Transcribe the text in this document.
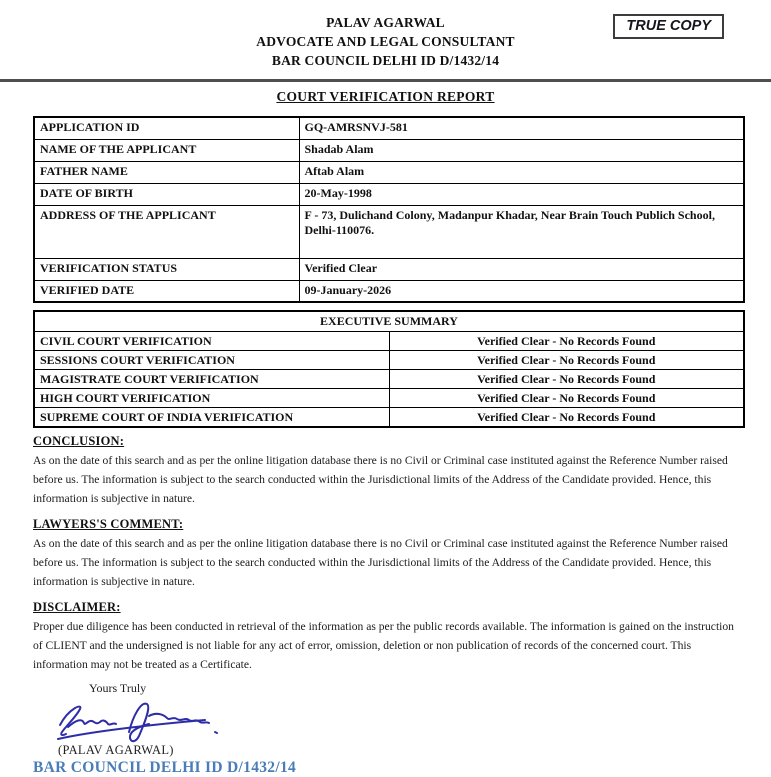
TRUE COPY
PALAV AGARWAL
ADVOCATE AND LEGAL CONSULTANT
BAR COUNCIL DELHI ID D/1432/14
COURT VERIFICATION REPORT
APPLICATION ID	GQ-AMRSNVJ-581
NAME OF THE APPLICANT	Shadab Alam
FATHER NAME	Aftab Alam
DATE OF BIRTH	20-May-1998
ADDRESS OF THE APPLICANT	F - 73, Dulichand Colony, Madanpur Khadar, Near Brain Touch Publich School, Delhi-110076.
VERIFICATION STATUS	Verified Clear
VERIFIED DATE	09-January-2026
EXECUTIVE SUMMARY	
CIVIL COURT VERIFICATION	Verified Clear - No Records Found
SESSIONS COURT VERIFICATION	Verified Clear - No Records Found
MAGISTRATE COURT VERIFICATION	Verified Clear - No Records Found
HIGH COURT VERIFICATION	Verified Clear - No Records Found
SUPREME COURT OF INDIA VERIFICATION	Verified Clear - No Records Found
CONCLUSION:
As on the date of this search and as per the online litigation database there is no Civil or Criminal case instituted against the Reference Number raised before us. The information is subject to the search conducted within the Jurisdictional limits of the Address of the Candidate provided. Hence, this information is subjective in nature.
LAWYERS'S COMMENT:
As on the date of this search and as per the online litigation database there is no Civil or Criminal case instituted against the Reference Number raised before us. The information is subject to the search conducted within the Jurisdictional limits of the Address of the Candidate provided. Hence, this information is subjective in nature.
DISCLAIMER:
Proper due diligence has been conducted in retrieval of the information as per the public records available. The information is gained on the instruction of CLIENT and the undersigned is not liable for any act of error, omission, deletion or non publication of records of the concerned court. This information may not be treated as a Certificate.
Yours Truly
(PALAV AGARWAL)
BAR COUNCIL DELHI ID D/1432/14
